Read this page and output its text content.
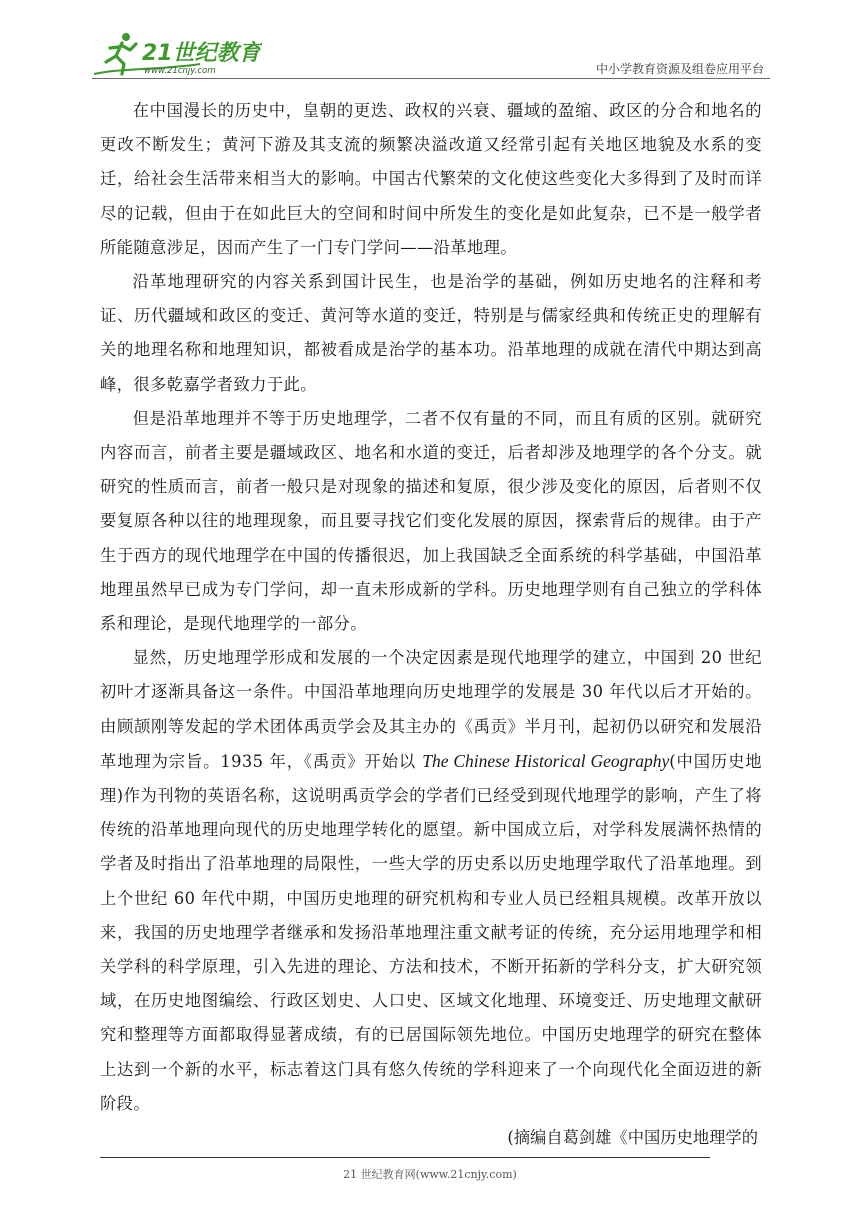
21世纪教育
www.21cnjy.com	中小学教育资源及组卷应用平台

在中国漫长的历史中，皇朝的更迭、政权的兴衰、疆域的盈缩、政区的分合和地名的更改不断发生；黄河下游及其支流的频繁决溢改道又经常引起有关地区地貌及水系的变迁，给社会生活带来相当大的影响。中国古代繁荣的文化使这些变化大多得到了及时而详尽的记载，但由于在如此巨大的空间和时间中所发生的变化是如此复杂，已不是一般学者所能随意涉足，因而产生了一门专门学问——沿革地理。

沿革地理研究的内容关系到国计民生，也是治学的基础，例如历史地名的注释和考证、历代疆域和政区的变迁、黄河等水道的变迁，特别是与儒家经典和传统正史的理解有关的地理名称和地理知识，都被看成是治学的基本功。沿革地理的成就在清代中期达到高峰，很多乾嘉学者致力于此。

但是沿革地理并不等于历史地理学，二者不仅有量的不同，而且有质的区别。就研究内容而言，前者主要是疆域政区、地名和水道的变迁，后者却涉及地理学的各个分支。就研究的性质而言，前者一般只是对现象的描述和复原，很少涉及变化的原因，后者则不仅要复原各种以往的地理现象，而且要寻找它们变化发展的原因，探索背后的规律。由于产生于西方的现代地理学在中国的传播很迟，加上我国缺乏全面系统的科学基础，中国沿革地理虽然早已成为专门学问，却一直未形成新的学科。历史地理学则有自己独立的学科体系和理论，是现代地理学的一部分。

显然，历史地理学形成和发展的一个决定因素是现代地理学的建立，中国到 20 世纪初叶才逐渐具备这一条件。中国沿革地理向历史地理学的发展是 30 年代以后才开始的。由顾颉刚等发起的学术团体禹贡学会及其主办的《禹贡》半月刊，起初仍以研究和发展沿革地理为宗旨。1935 年，《禹贡》开始以 The Chinese Historical Geography(中国历史地理)作为刊物的英语名称，这说明禹贡学会的学者们已经受到现代地理学的影响，产生了将传统的沿革地理向现代的历史地理学转化的愿望。新中国成立后，对学科发展满怀热情的学者及时指出了沿革地理的局限性，一些大学的历史系以历史地理学取代了沿革地理。到上个世纪 60 年代中期，中国历史地理的研究机构和专业人员已经粗具规模。改革开放以来，我国的历史地理学者继承和发扬沿革地理注重文献考证的传统，充分运用地理学和相关学科的科学原理，引入先进的理论、方法和技术，不断开拓新的学科分支，扩大研究领域，在历史地图编绘、行政区划史、人口史、区域文化地理、环境变迁、历史地理文献研究和整理等方面都取得显著成绩，有的已居国际领先地位。中国历史地理学的研究在整体上达到一个新的水平，标志着这门具有悠久传统的学科迎来了一个向现代化全面迈进的新阶段。

(摘编自葛剑雄《中国历史地理学的

21 世纪教育网(www.21cnjy.com)
